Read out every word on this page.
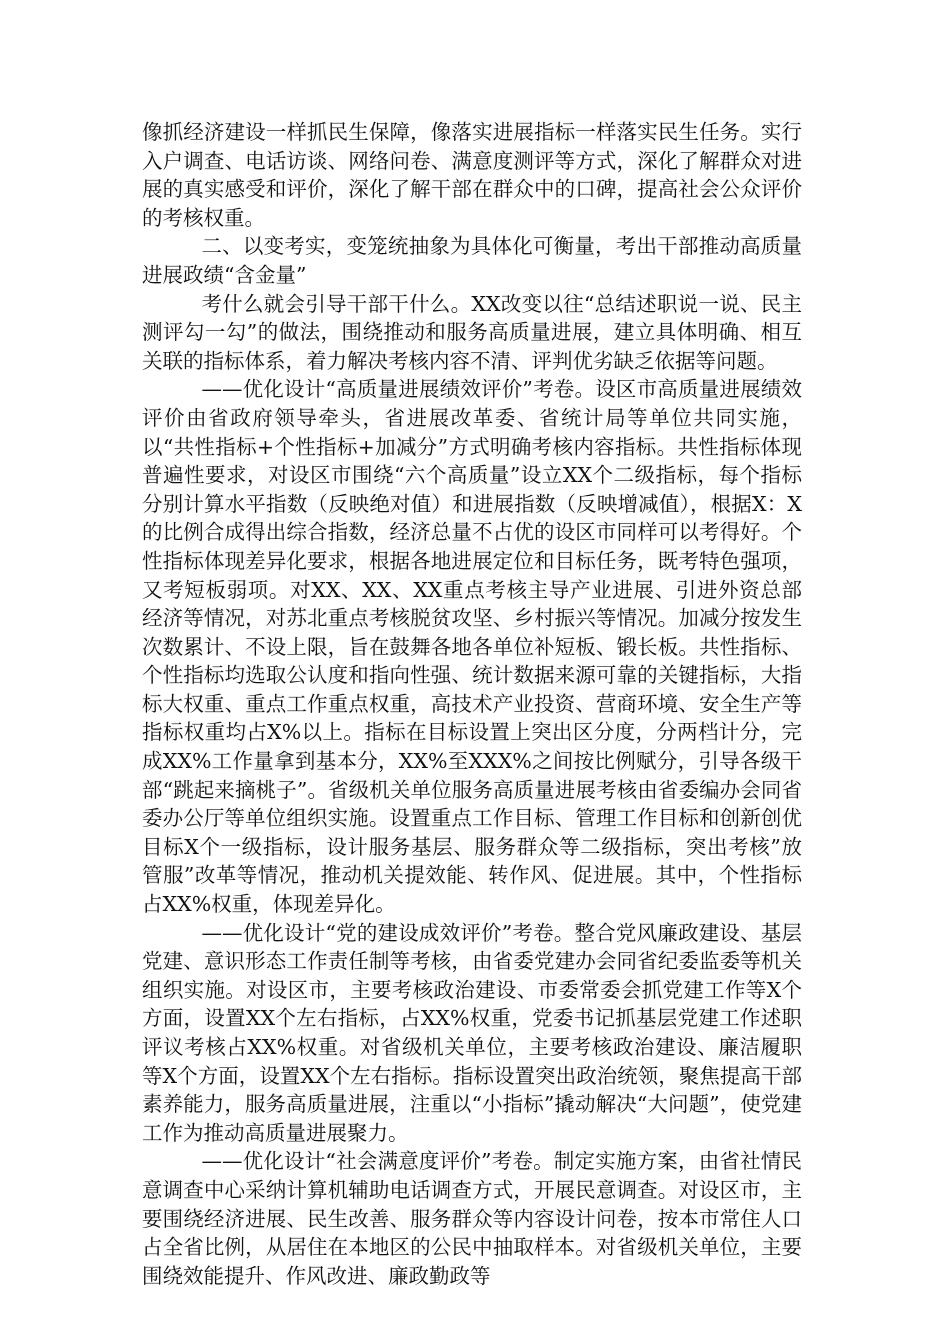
像抓经济建设一样抓民生保障，像落实进展指标一样落实民生任务。实行入户调查、电话访谈、网络问卷、满意度测评等方式，深化了解群众对进展的真实感受和评价，深化了解干部在群众中的口碑，提高社会公众评价的考核权重。

二、以变考实，变笼统抽象为具体化可衡量，考出干部推动高质量进展政绩“含金量”

考什么就会引导干部干什么。XX改变以往“总结述职说一说、民主测评勾一勾”的做法，围绕推动和服务高质量进展，建立具体明确、相互关联的指标体系，着力解决考核内容不清、评判优劣缺乏依据等问题。

——优化设计“高质量进展绩效评价”考卷。设区市高质量进展绩效评价由省政府领导牵头，省进展改革委、省统计局等单位共同实施，以“共性指标+个性指标+加减分”方式明确考核内容指标。共性指标体现普遍性要求，对设区市围绕“六个高质量”设立XX个二级指标，每个指标分别计算水平指数（反映绝对值）和进展指数（反映增减值），根据X：X的比例合成得出综合指数，经济总量不占优的设区市同样可以考得好。个性指标体现差异化要求，根据各地进展定位和目标任务，既考特色强项，又考短板弱项。对XX、XX、XX重点考核主导产业进展、引进外资总部经济等情况，对苏北重点考核脱贫攻坚、乡村振兴等情况。加减分按发生次数累计、不设上限，旨在鼓舞各地各单位补短板、锻长板。共性指标、个性指标均选取公认度和指向性强、统计数据来源可靠的关键指标，大指标大权重、重点工作重点权重，高技术产业投资、营商环境、安全生产等指标权重均占X%以上。指标在目标设置上突出区分度，分两档计分，完成XX%工作量拿到基本分，XX%至XXX%之间按比例赋分，引导各级干部“跳起来摘桃子”。省级机关单位服务高质量进展考核由省委编办会同省委办公厅等单位组织实施。设置重点工作目标、管理工作目标和创新创优目标X个一级指标，设计服务基层、服务群众等二级指标，突出考核”放管服”改革等情况，推动机关提效能、转作风、促进展。其中，个性指标占XX%权重，体现差异化。

——优化设计“党的建设成效评价”考卷。整合党风廉政建设、基层党建、意识形态工作责任制等考核，由省委党建办会同省纪委监委等机关组织实施。对设区市，主要考核政治建设、市委常委会抓党建工作等X个方面，设置XX个左右指标，占XX%权重，党委书记抓基层党建工作述职评议考核占XX%权重。对省级机关单位，主要考核政治建设、廉洁履职等X个方面，设置XX个左右指标。指标设置突出政治统领，聚焦提高干部素养能力，服务高质量进展，注重以“小指标”撬动解决“大问题”，使党建工作为推动高质量进展聚力。

——优化设计“社会满意度评价”考卷。制定实施方案，由省社情民意调查中心采纳计算机辅助电话调查方式，开展民意调查。对设区市，主要围绕经济进展、民生改善、服务群众等内容设计问卷，按本市常住人口占全省比例，从居住在本地区的公民中抽取样本。对省级机关单位，主要围绕效能提升、作风改进、廉政勤政等
